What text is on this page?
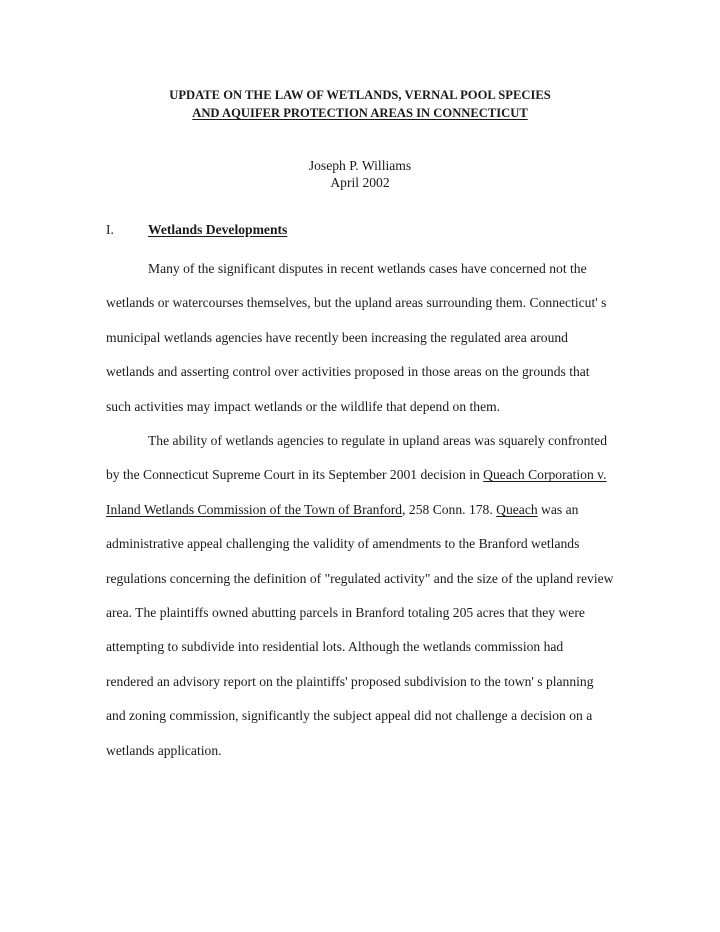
UPDATE ON THE LAW OF WETLANDS, VERNAL POOL SPECIES
AND AQUIFER PROTECTION AREAS IN CONNECTICUT
Joseph P. Williams
April 2002
I.	Wetlands Developments

Many of the significant disputes in recent wetlands cases have concerned not the wetlands or watercourses themselves, but the upland areas surrounding them. Connecticut' s municipal wetlands agencies have recently been increasing the regulated area around wetlands and asserting control over activities proposed in those areas on the grounds that such activities may impact wetlands or the wildlife that depend on them.

The ability of wetlands agencies to regulate in upland areas was squarely confronted by the Connecticut Supreme Court in its September 2001 decision in Queach Corporation v. Inland Wetlands Commission of the Town of Branford, 258 Conn. 178. Queach was an administrative appeal challenging the validity of amendments to the Branford wetlands regulations concerning the definition of "regulated activity" and the size of the upland review area. The plaintiffs owned abutting parcels in Branford totaling 205 acres that they were attempting to subdivide into residential lots. Although the wetlands commission had rendered an advisory report on the plaintiffs' proposed subdivision to the town' s planning and zoning commission, significantly the subject appeal did not challenge a decision on a wetlands application.
